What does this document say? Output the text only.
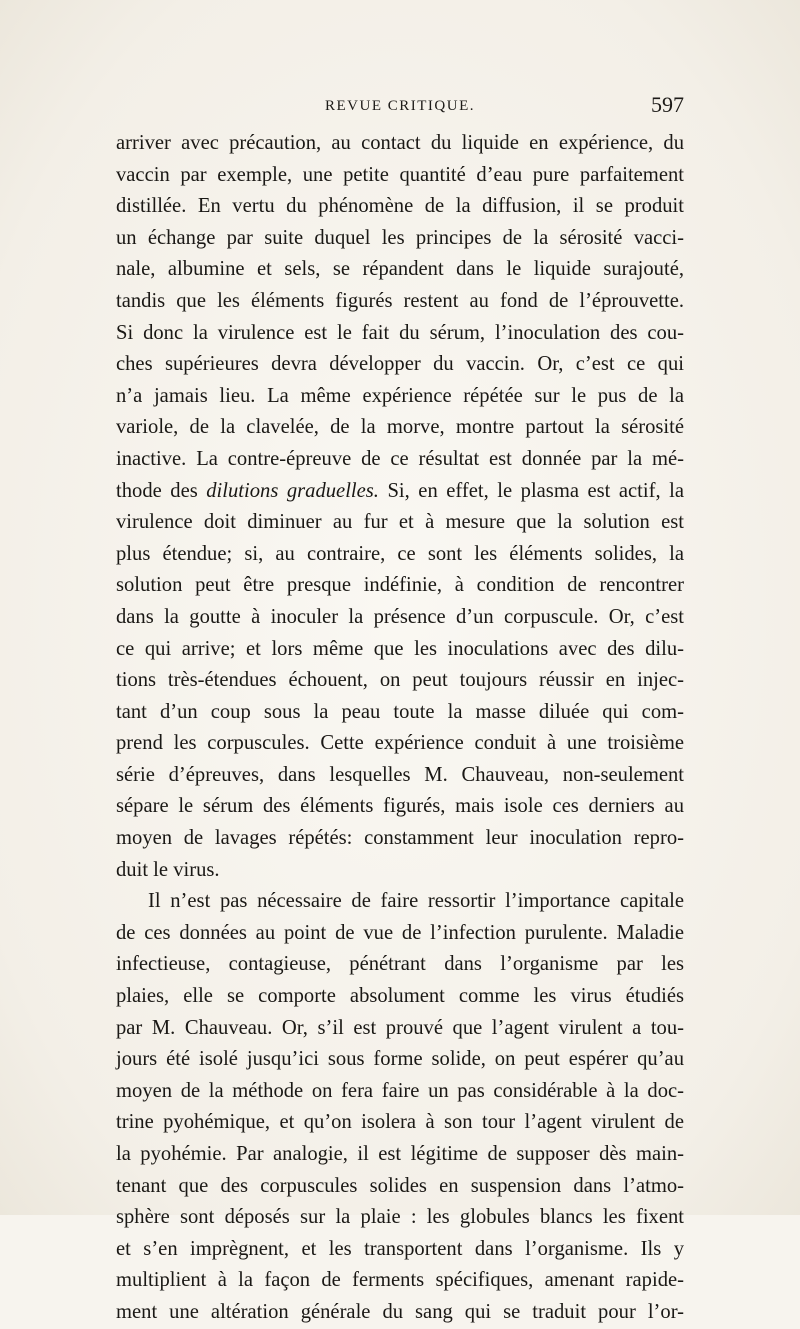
REVUE CRITIQUE.	597
arriver avec précaution, au contact du liquide en expérience, du
vaccin par exemple, une petite quantité d’eau pure parfaitement
distillée. En vertu du phénomène de la diffusion, il se produit
un échange par suite duquel les principes de la sérosité vacci-
nale, albumine et sels, se répandent dans le liquide surajouté,
tandis que les éléments figurés restent au fond de l’éprouvette.
Si donc la virulence est le fait du sérum, l’inoculation des cou-
ches supérieures devra développer du vaccin. Or, c’est ce qui
n’a jamais lieu. La même expérience répétée sur le pus de la
variole, de la clavelée, de la morve, montre partout la sérosité
inactive. La contre-épreuve de ce résultat est donnée par la mé-
thode des dilutions graduelles. Si, en effet, le plasma est actif, la
virulence doit diminuer au fur et à mesure que la solution est
plus étendue; si, au contraire, ce sont les éléments solides, la
solution peut être presque indéfinie, à condition de rencontrer
dans la goutte à inoculer la présence d’un corpuscule. Or, c’est
ce qui arrive; et lors même que les inoculations avec des dilu-
tions très-étendues échouent, on peut toujours réussir en injec-
tant d’un coup sous la peau toute la masse diluée qui com-
prend les corpuscules. Cette expérience conduit à une troisième
série d’épreuves, dans lesquelles M. Chauveau, non-seulement
sépare le sérum des éléments figurés, mais isole ces derniers au
moyen de lavages répétés: constamment leur inoculation repro-
duit le virus.
Il n’est pas nécessaire de faire ressortir l’importance capitale
de ces données au point de vue de l’infection purulente. Maladie
infectieuse, contagieuse, pénétrant dans l’organisme par les
plaies, elle se comporte absolument comme les virus étudiés
par M. Chauveau. Or, s’il est prouvé que l’agent virulent a tou-
jours été isolé jusqu’ici sous forme solide, on peut espérer qu’au
moyen de la méthode on fera faire un pas considérable à la doc-
trine pyohémique, et qu’on isolera à son tour l’agent virulent de
la pyohémie. Par analogie, il est légitime de supposer dès main-
tenant que des corpuscules solides en suspension dans l’atmo-
sphère sont déposés sur la plaie : les globules blancs les fixent
et s’en imprègnent, et les transportent dans l’organisme. Ils y
multiplient à la façon de ferments spécifiques, amenant rapide-
ment une altération générale du sang qui se traduit pour l’or-
